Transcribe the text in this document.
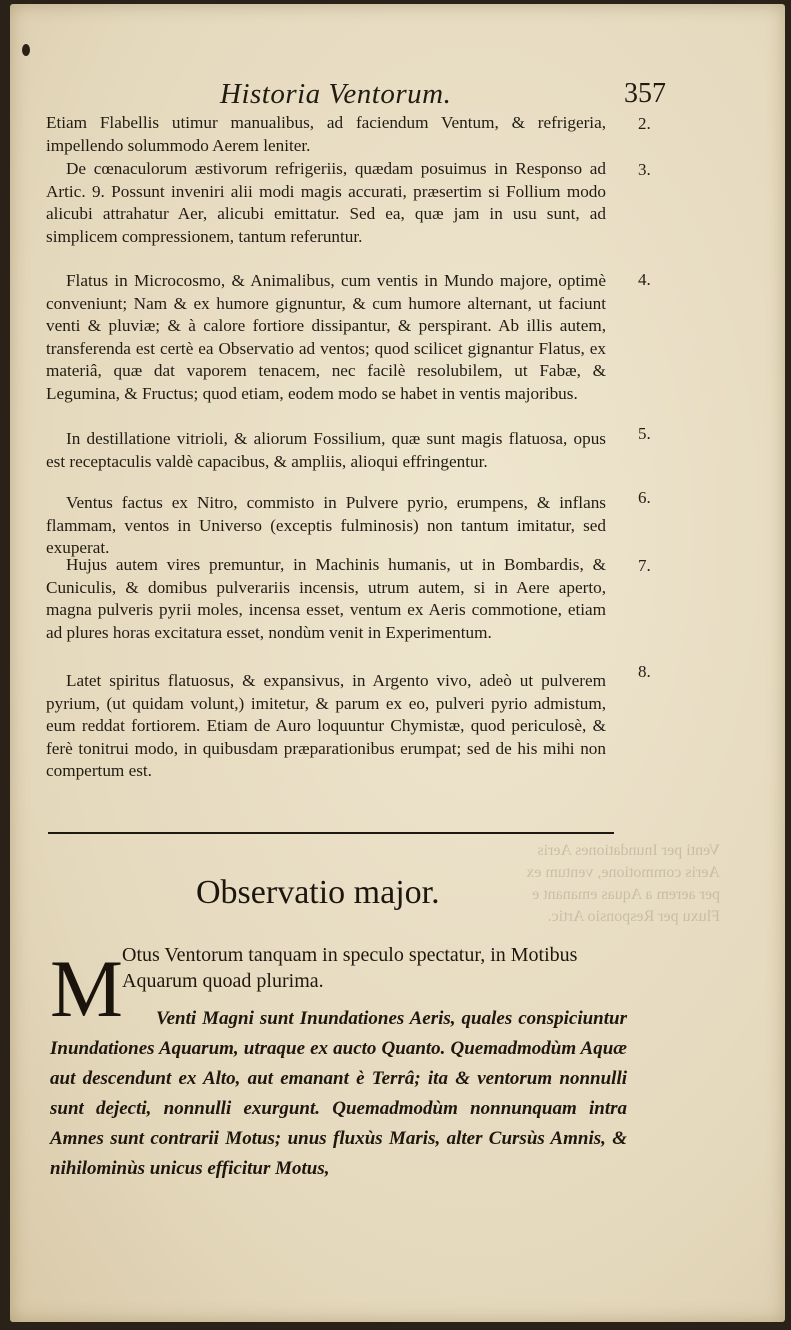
Venti per Inundationes Aeris
Aeris commotione, ventum ex
per aerem a Aquas emanant e
Fluxu per Responsio Artic.
Historia Ventorum.	357

Etiam Flabellis utimur manualibus, ad faciendum Ventum, & refrigeria, impellendo solummodo Aerem leniter.

2.

De cœnaculorum æstivorum refrigeriis, quædam posuimus in Responso ad Artic. 9. Possunt inveniri alii modi magis accurati, præsertim si Follium modo alicubi attrahatur Aer, alicubi emittatur. Sed ea, quæ jam in usu sunt, ad simplicem compressionem, tantum referuntur.

3.

Flatus in Microcosmo, & Animalibus, cum ventis in Mundo majore, optimè conveniunt; Nam & ex humore gignuntur, & cum humore alternant, ut faciunt venti & pluviæ; & à calore fortiore dissipantur, & perspirant. Ab illis autem, transferenda est certè ea Observatio ad ventos; quod scilicet gignantur Flatus, ex materiâ, quæ dat vaporem tenacem, nec facilè resolubilem, ut Fabæ, & Legumina, & Fructus; quod etiam, eodem modo se habet in ventis majoribus.

4.

In destillatione vitrioli, & aliorum Fossilium, quæ sunt magis flatuosa, opus est receptaculis valdè capacibus, & ampliis, alioqui effringentur.

5.

Ventus factus ex Nitro, commisto in Pulvere pyrio, erumpens, & inflans flammam, ventos in Universo (exceptis fulminosis) non tantum imitatur, sed exuperat.

6.

Hujus autem vires premuntur, in Machinis humanis, ut in Bombardis, & Cuniculis, & domibus pulverariis incensis, utrum autem, si in Aere aperto, magna pulveris pyrii moles, incensa esset, ventum ex Aeris commotione, etiam ad plures horas excitatura esset, nondùm venit in Experimentum.

7.

Latet spiritus flatuosus, & expansivus, in Argento vivo, adeò ut pulverem pyrium, (ut quidam volunt,) imitetur, & parum ex eo, pulveri pyrio admistum, eum reddat fortiorem. Etiam de Auro loquuntur Chymistæ, quod periculosè, & ferè tonitrui modo, in quibusdam præparationibus erumpat; sed de his mihi non compertum est.

8.
Observatio major.
M Otus Ventorum tanquam in speculo spectatur, in Motibus Aquarum quoad plurima.

Venti Magni sunt Inundationes Aeris, quales conspiciuntur Inundationes Aquarum, utraque ex aucto Quanto. Quemadmodùm Aquæ aut descendunt ex Alto, aut emanant è Terrâ; ita & ventorum nonnulli sunt dejecti, nonnulli exurgunt. Quemadmodùm nonnunquam intra Amnes sunt contrarii Motus; unus fluxùs Maris, alter Cursùs Amnis, & nihilominùs unicus efficitur Motus,
